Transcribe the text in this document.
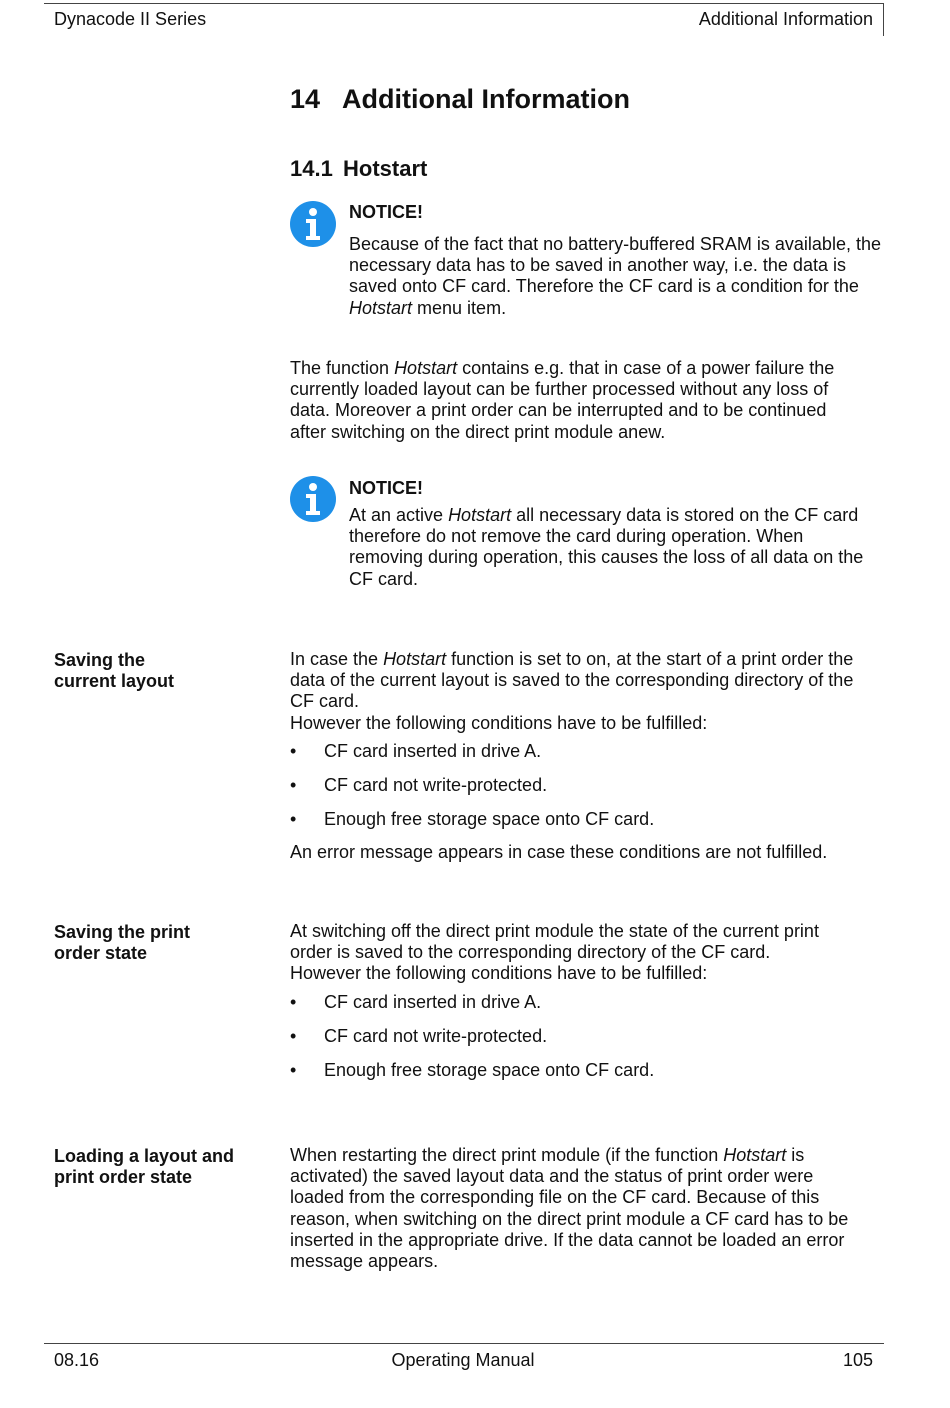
Dynacode II Series	Additional Information
14 Additional Information
14.1 Hotstart
NOTICE!

Because of the fact that no battery-buffered SRAM is available, the necessary data has to be saved in another way, i.e. the data is saved onto CF card. Therefore the CF card is a condition for the Hotstart menu item.

The function Hotstart contains e.g. that in case of a power failure the currently loaded layout can be further processed without any loss of data. Moreover a print order can be interrupted and to be continued after switching on the direct print module anew.

NOTICE!

At an active Hotstart all necessary data is stored on the CF card therefore do not remove the card during operation. When removing during operation, this causes the loss of all data on the CF card.

Saving the
current layout

In case the Hotstart function is set to on, at the start of a print order the data of the current layout is saved to the corresponding directory of the CF card.

However the following conditions have to be fulfilled:

• CF card inserted in drive A.
• CF card not write-protected.
• Enough free storage space onto CF card.

An error message appears in case these conditions are not fulfilled.

Saving the print
order state

At switching off the direct print module the state of the current print order is saved to the corresponding directory of the CF card.

However the following conditions have to be fulfilled:

• CF card inserted in drive A.
• CF card not write-protected.
• Enough free storage space onto CF card.
Loading a layout and
print order state

When restarting the direct print module (if the function Hotstart is activated) the saved layout data and the status of print order were loaded from the corresponding file on the CF card. Because of this reason, when switching on the direct print module a CF card has to be inserted in the appropriate drive. If the data cannot be loaded an error message appears.

08.16	Operating Manual	105
